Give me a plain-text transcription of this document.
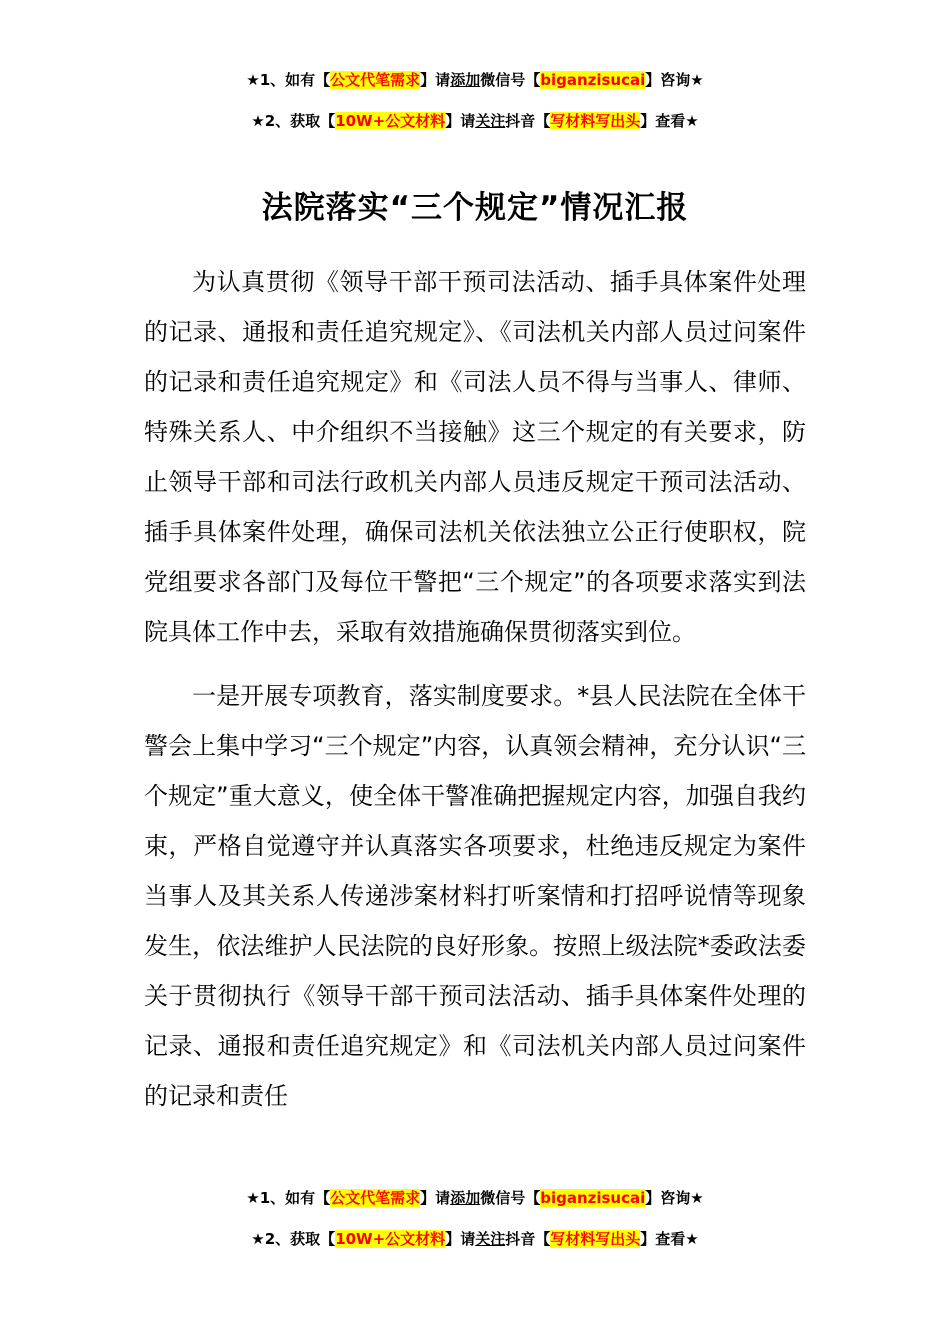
★1、如有【公文代笔需求】请添加微信号【biganzisucai】咨询★
★2、获取【10W+公文材料】请关注抖音【写材料写出头】查看★
法院落实“三个规定”情况汇报

为认真贯彻《领导干部干预司法活动、插手具体案件处理的记录、通报和责任追究规定》、《司法机关内部人员过问案件的记录和责任追究规定》和《司法人员不得与当事人、律师、特殊关系人、中介组织不当接触》这三个规定的有关要求，防止领导干部和司法行政机关内部人员违反规定干预司法活动、插手具体案件处理，确保司法机关依法独立公正行使职权，院党组要求各部门及每位干警把“三个规定”的各项要求落实到法院具体工作中去，采取有效措施确保贯彻落实到位。

一是开展专项教育，落实制度要求。*县人民法院在全体干警会上集中学习“三个规定”内容，认真领会精神，充分认识“三个规定”重大意义，使全体干警准确把握规定内容，加强自我约束，严格自觉遵守并认真落实各项要求，杜绝违反规定为案件当事人及其关系人传递涉案材料打听案情和打招呼说情等现象发生，依法维护人民法院的良好形象。按照上级法院*委政法委关于贯彻执行《领导干部干预司法活动、插手具体案件处理的记录、通报和责任追究规定》和《司法机关内部人员过问案件的记录和责任

★1、如有【公文代笔需求】请添加微信号【biganzisucai】咨询★
★2、获取【10W+公文材料】请关注抖音【写材料写出头】查看★
